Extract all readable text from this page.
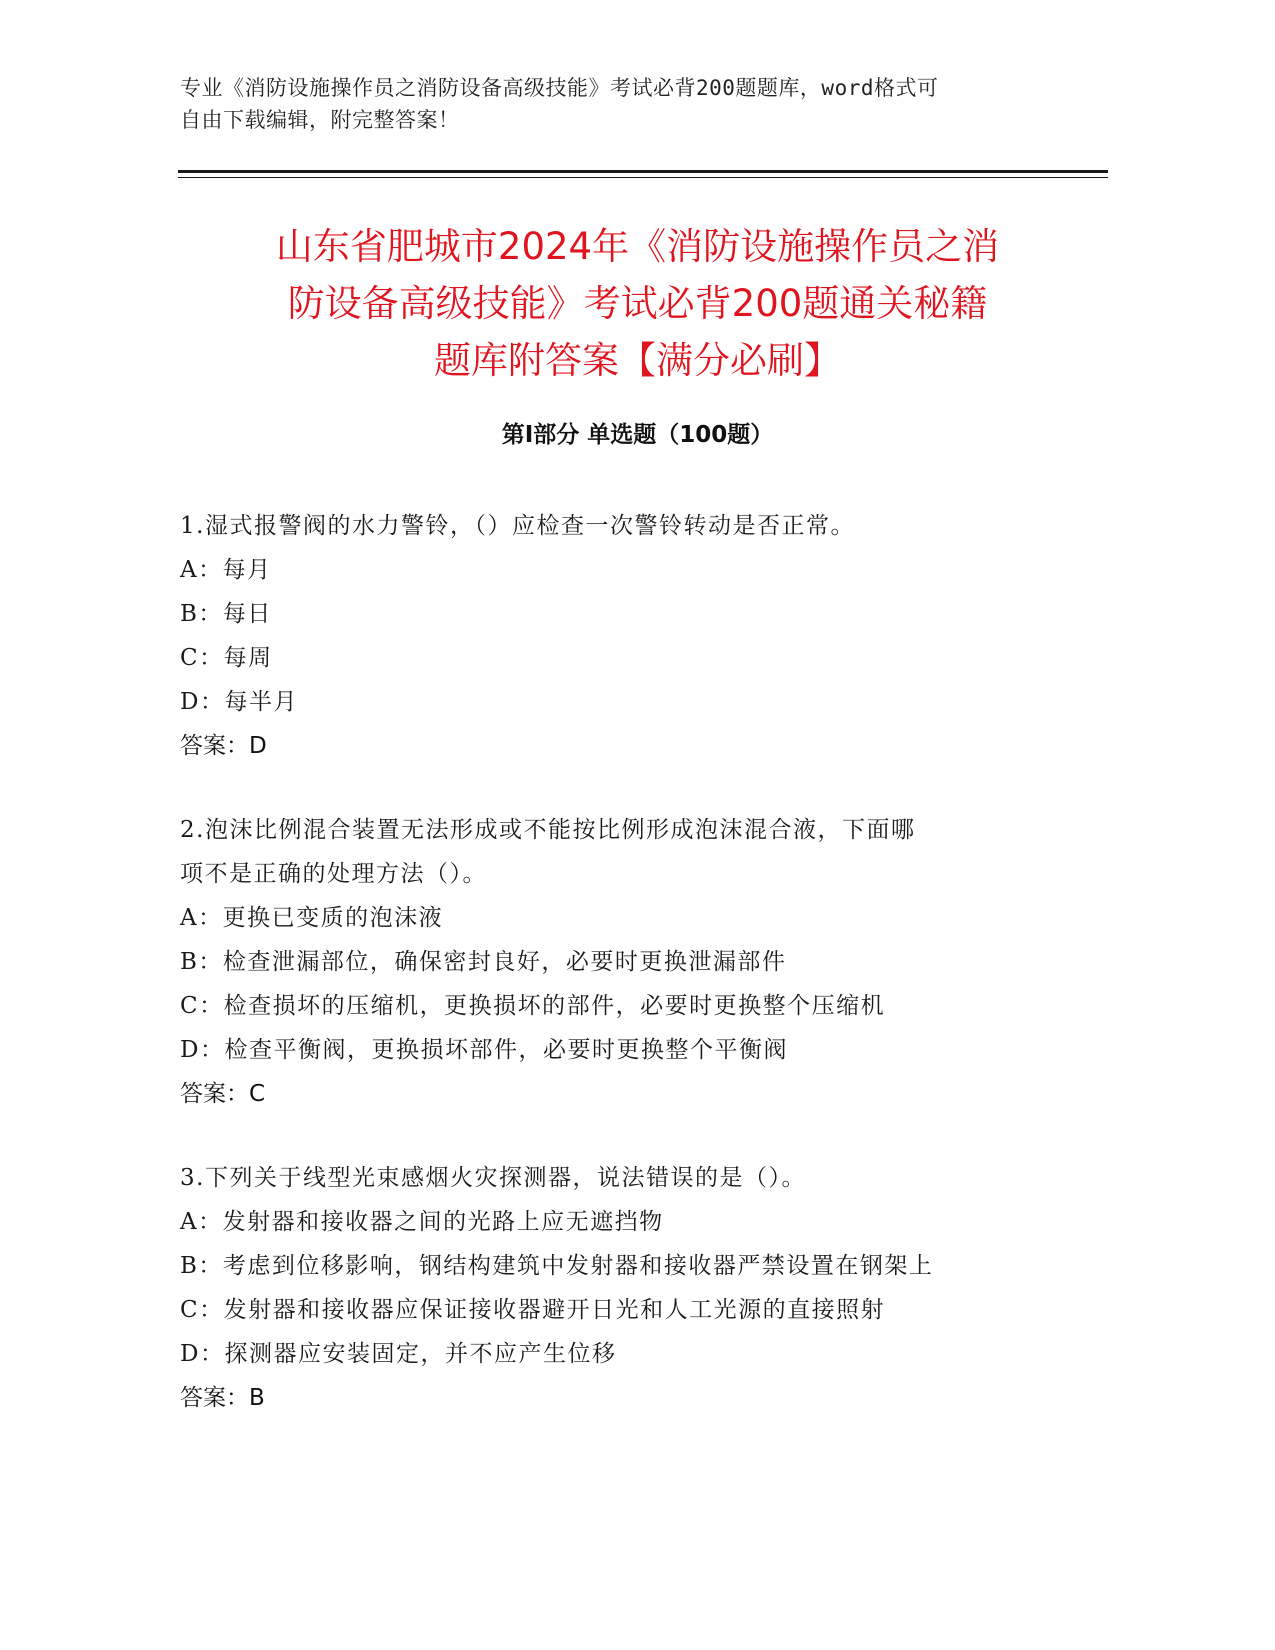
专业《消防设施操作员之消防设备高级技能》考试必背200题题库，word格式可
自由下载编辑，附完整答案！
山东省肥城市2024年《消防设施操作员之消
防设备高级技能》考试必背200题通关秘籍
题库附答案【满分必刷】
第Ⅰ部分 单选题（100题）

1.湿式报警阀的水力警铃，（）应检查一次警铃转动是否正常。

A：每月

B：每日

C：每周

D：每半月

答案：D

2.泡沫比例混合装置无法形成或不能按比例形成泡沫混合液，下面哪

项不是正确的处理方法（）。

A：更换已变质的泡沫液

B：检查泄漏部位，确保密封良好，必要时更换泄漏部件

C：检查损坏的压缩机，更换损坏的部件，必要时更换整个压缩机

D：检查平衡阀，更换损坏部件，必要时更换整个平衡阀

答案：C

3.下列关于线型光束感烟火灾探测器，说法错误的是（）。

A：发射器和接收器之间的光路上应无遮挡物

B：考虑到位移影响，钢结构建筑中发射器和接收器严禁设置在钢架上

C：发射器和接收器应保证接收器避开日光和人工光源的直接照射

D：探测器应安装固定，并不应产生位移

答案：B
